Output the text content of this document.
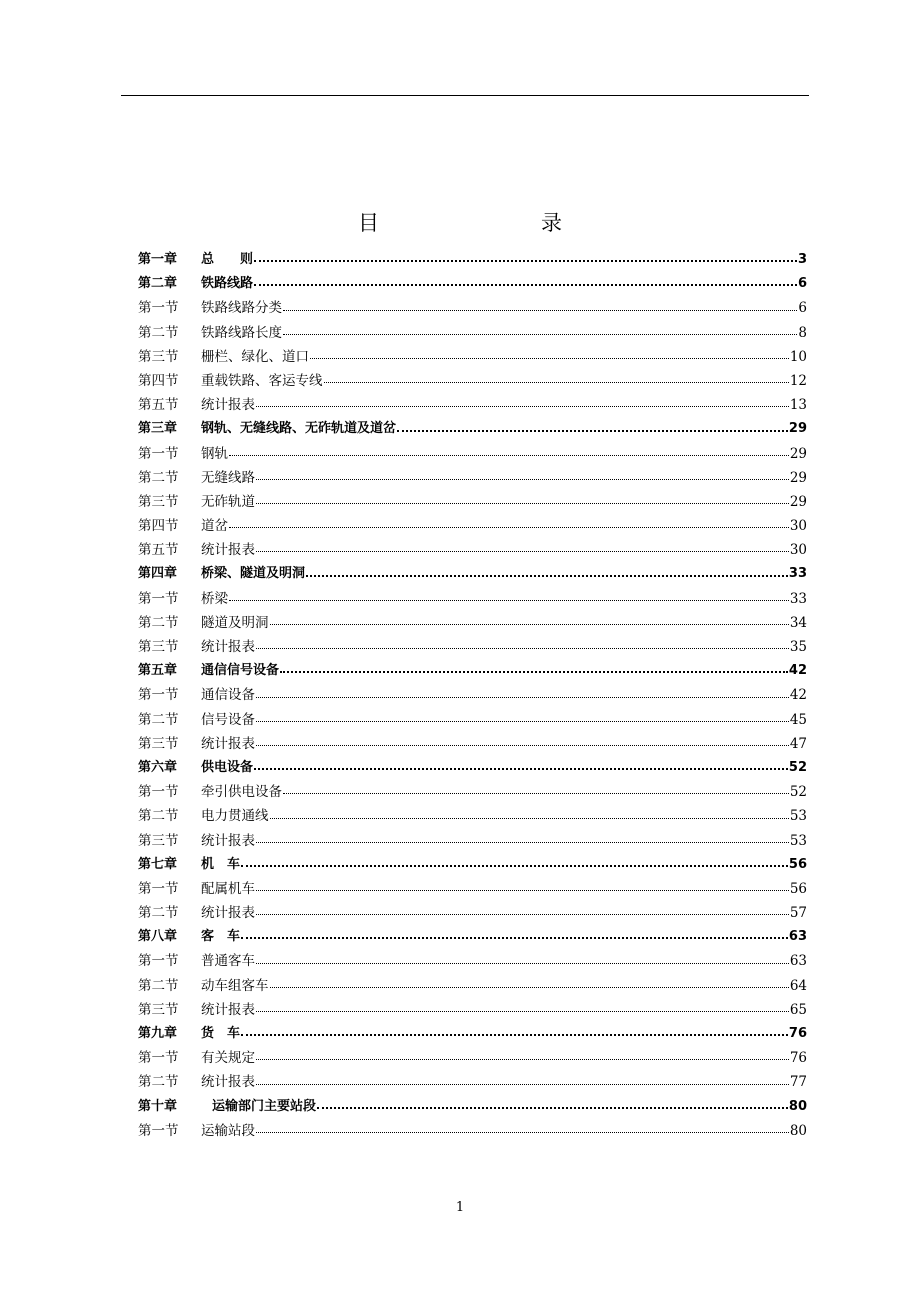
目　　录
第一章	总　　则	3
第二章	铁路线路	6
第一节	铁路线路分类	6
第二节	铁路线路长度	8
第三节	栅栏、绿化、道口	10
第四节	重载铁路、客运专线	12
第五节	统计报表	13
第三章	钢轨、无缝线路、无砟轨道及道岔	29
第一节	钢轨	29
第二节	无缝线路	29
第三节	无砟轨道	29
第四节	道岔	30
第五节	统计报表	30
第四章	桥梁、隧道及明洞	33
第一节	桥梁	33
第二节	隧道及明洞	34
第三节	统计报表	35
第五章	通信信号设备	42
第一节	通信设备	42
第二节	信号设备	45
第三节	统计报表	47
第六章	供电设备	52
第一节	牵引供电设备	52
第二节	电力贯通线	53
第三节	统计报表	53
第七章	机　车	56
第一节	配属机车	56
第二节	统计报表	57
第八章	客　车	63
第一节	普通客车	63
第二节	动车组客车	64
第三节	统计报表	65
第九章	货　车	76
第一节	有关规定	76
第二节	统计报表	77
第十章	运输部门主要站段	80
第一节	运输站段	80
1
